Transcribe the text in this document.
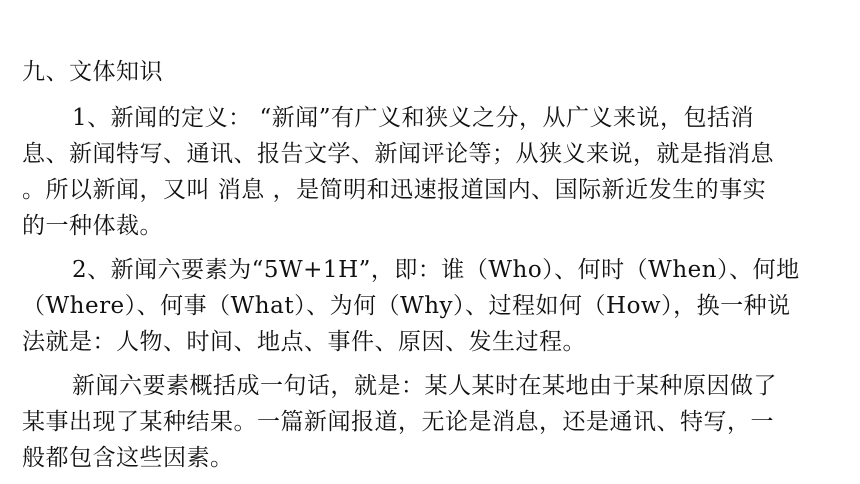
九、文体知识
1、新闻的定义： “新闻”有广义和狭义之分，从广义来说，包括消
息、新闻特写、通讯、报告文学、新闻评论等；从狭义来说，就是指消息
。所以新闻，又叫 消息 ，是简明和迅速报道国内、国际新近发生的事实
的一种体裁。
2、新闻六要素为“5W+1H”，即：谁（Who）、何时（When）、何地
（Where）、何事（What）、为何（Why）、过程如何（How），换一种说
法就是：人物、时间、地点、事件、原因、发生过程。
新闻六要素概括成一句话，就是：某人某时在某地由于某种原因做了
某事出现了某种结果。一篇新闻报道，无论是消息，还是通讯、特写，一
般都包含这些因素。
